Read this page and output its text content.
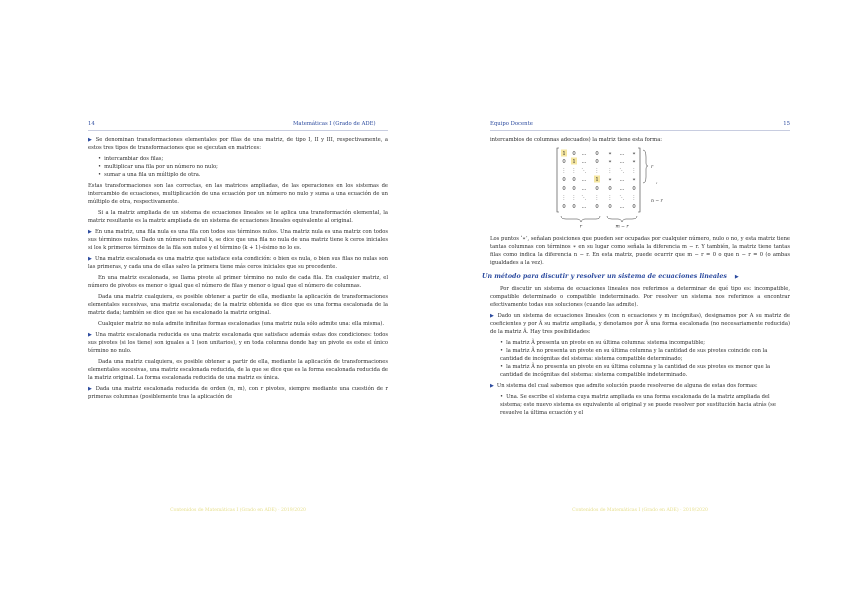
14	Matemáticas I (Grado de ADE)

▶ Se denominan transformaciones elementales por filas de una matriz, de tipo I, II y III, respectivamente, a estos tres tipos de transformaciones que se ejecutan en matrices:

• intercambiar dos filas;
• multiplicar una fila por un número no nulo;
• sumar a una fila un múltiplo de otra.

Estas transformaciones son las correctas, en las matrices ampliadas, de las operaciones en los sistemas de intercambio de ecuaciones, multiplicación de una ecuación por un número no nulo y suma a una ecuación de un múltiplo de otra, respectivamente.

Si a la matriz ampliada de un sistema de ecuaciones lineales se le aplica una transformación elemental, la matriz resultante es la matriz ampliada de un sistema de ecuaciones lineales equivalente al original.

▶ En una matriz, una fila nula es una fila con todos sus términos nulos. Una matriz nula es una matriz con todos sus términos nulos. Dado un número natural k, se dice que una fila no nula de una matriz tiene k ceros iniciales si los k primeros términos de la fila son nulos y el término (k + 1)-ésimo no lo es.

▶ Una matriz escalonada es una matriz que satisface esta condición: o bien es nula, o bien sus filas no nulas son las primeras, y cada una de ellas salvo la primera tiene más ceros iniciales que su precedente.

En una matriz escalonada, se llama pivote al primer término no nulo de cada fila. En cualquier matriz, el número de pivotes es menor o igual que el número de filas y menor o igual que el número de columnas.

Dada una matriz cualquiera, es posible obtener a partir de ella, mediante la aplicación de transformaciones elementales sucesivas, una matriz escalonada; de la matriz obtenida se dice que es una forma escalonada de la matriz dada; también se dice que se ha escalonado la matriz original.

Cualquier matriz no nula admite infinitas formas escalonadas (una matriz nula sólo admite una: ella misma).

▶ Una matriz escalonada reducida es una matriz escalonada que satisface además estas dos condiciones: todos sus pivotes (si los tiene) son iguales a 1 (son unitarios), y en toda columna donde hay un pivote es este el único término no nulo.

Dada una matriz cualquiera, es posible obtener a partir de ella, mediante la aplicación de transformaciones elementales sucesivas, una matriz escalonada reducida, de la que se dice que es la forma escalonada reducida de la matriz original. La forma escalonada reducida de una matriz es única.

▶ Dada una matriz escalonada reducida de orden (n, m), con r pivotes, siempre mediante una cuestión de r primeras columnas (posiblemente tras la aplicación de

Contenidos de Matemáticas I (Grado en ADE) · 2019/2020
Equipo Docente	15

intercambios de columnas adecuados) la matriz tiene esta forma:

1 0 ... 0 ∗ ... ∗
0 1 ... 0 ∗ ... ∗
⋮ ⋮ ⋱ ⋮ ⋮ ⋱ ⋮
0 0 ... 1 ∗ ... ∗
0 0 ... 0 0 ... 0
⋮ ⋮ ⋱ ⋮ ⋮ ⋱ ⋮
0 0 ... 0 0 ... 0
r
n − r
,
r	m − r

Los puntos ‘∗’, señalan posiciones que pueden ser ocupadas por cualquier número, nulo o no, y esta matriz tiene tantas columnas con términos ∗ en su lugar como señala la diferencia m − r. Y también, la matriz tiene tantas filas como indica la diferencia n − r. En esta matriz, puede ocurrir que m − r = 0 o que n − r = 0 (o ambas igualdades a la vez).

Un método para discutir y resolver un sistema de ecuaciones lineales ▶

Por discutir un sistema de ecuaciones lineales nos referimos a determinar de qué tipo es: incompatible, compatible determinado o compatible indeterminado. Por resolver un sistema nos referimos a encontrar efectivamente todas sus soluciones (cuando las admite).

▶ Dado un sistema de ecuaciones lineales (con n ecuaciones y m incógnitas), designamos por A su matriz de coeficientes y por Â su matriz ampliada, y denotamos por Ã una forma escalonada (no necesariamente reducida) de la matriz Â. Hay tres posibilidades:

• la matriz Ã presenta un pivote en su última columna: sistema incompatible;
• la matriz Ã no presenta un pivote en su última columna y la cantidad de sus pivotes coincide con la cantidad de incógnitas del sistema: sistema compatible determinado;
• la matriz Ã no presenta un pivote en su última columna y la cantidad de sus pivotes es menor que la cantidad de incógnitas del sistema: sistema compatible indeterminado.

▶ Un sistema del cual sabemos que admite solución puede resolverse de alguna de estas dos formas:

• Una. Se escribe el sistema cuya matriz ampliada es una forma escalonada de la matriz ampliada del sistema; este nuevo sistema es equivalente al original y se puede resolver por sustitución hacia atrás (se resuelve la última ecuación y el
Contenidos de Matemáticas I (Grado en ADE) · 2019/2020
